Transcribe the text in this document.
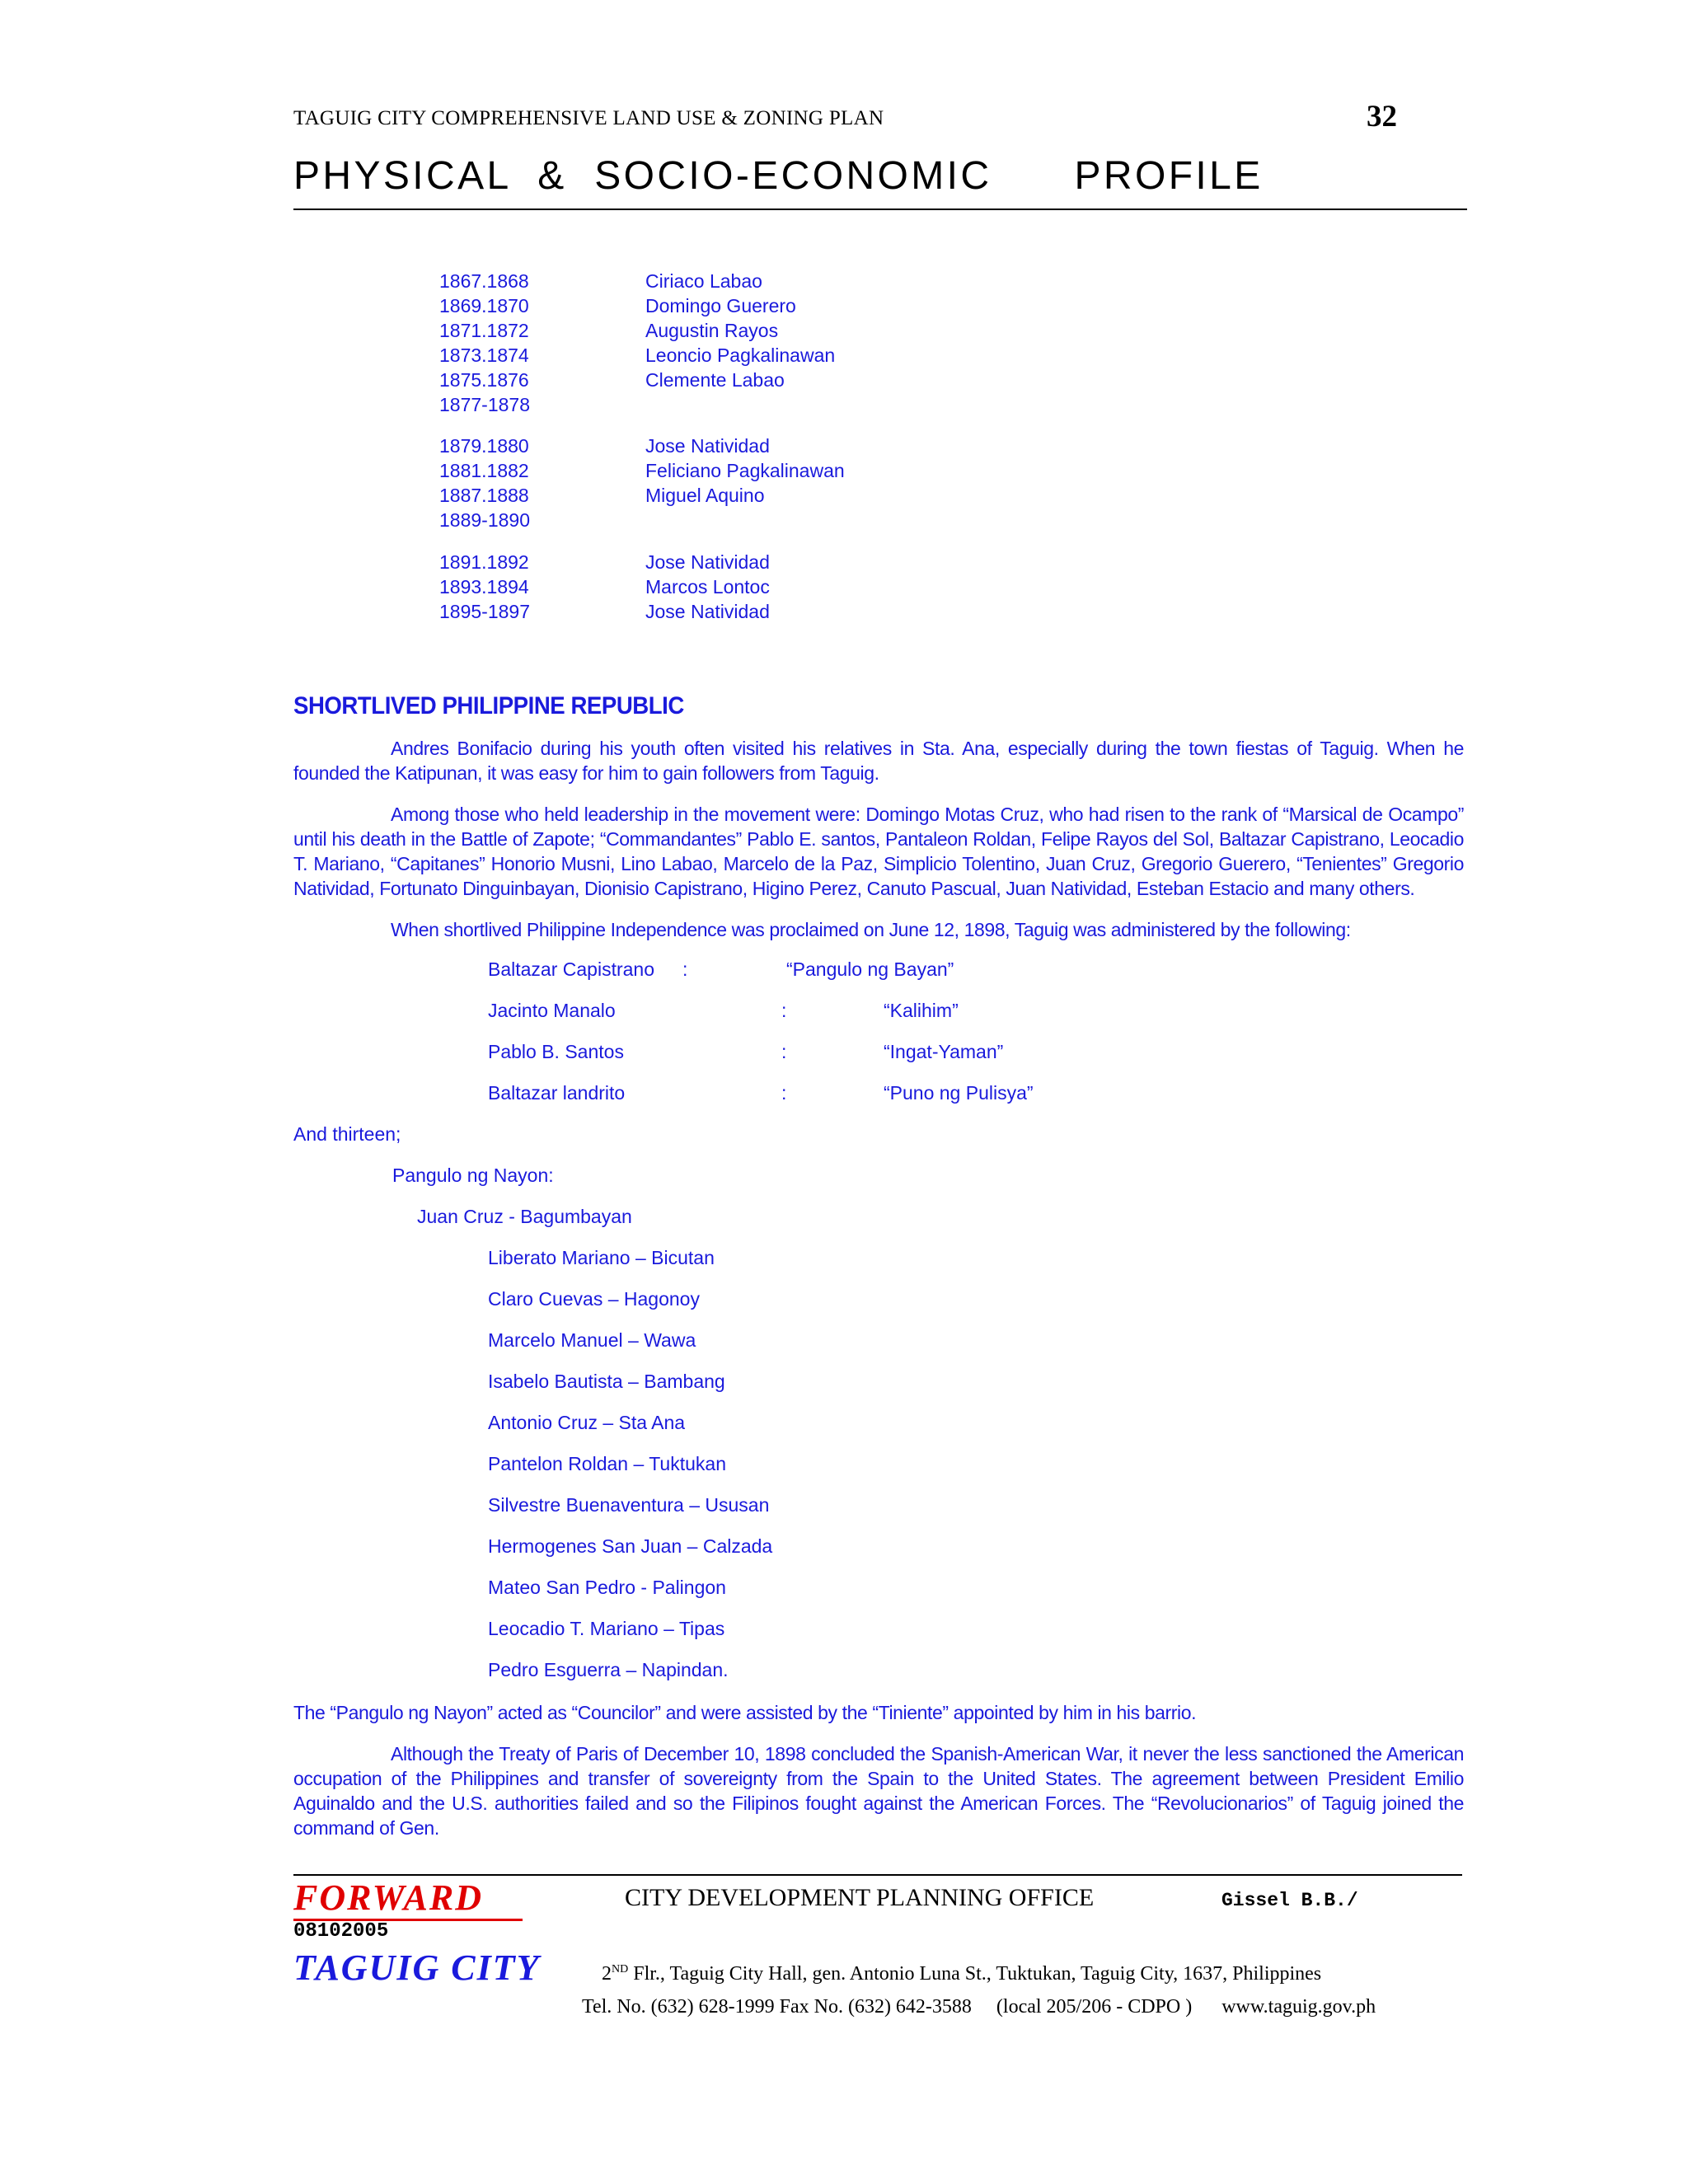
TAGUIG CITY COMPREHENSIVE LAND USE & ZONING PLAN	32
PHYSICAL  &  SOCIO-ECONOMIC PROFILE
1867.1868	Ciriaco Labao
1869.1870	Domingo Guerero
1871.1872	Augustin Rayos
1873.1874	Leoncio Pagkalinawan
1875.1876	Clemente Labao
1877-1878
1879.1880	Jose Natividad
1881.1882	Feliciano Pagkalinawan
1887.1888	Miguel Aquino
1889-1890
1891.1892	Jose Natividad
1893.1894	Marcos Lontoc
1895-1897	Jose Natividad
SHORTLIVED PHILIPPINE REPUBLIC
Andres Bonifacio during his youth often visited his relatives in Sta. Ana, especially during the town fiestas of Taguig. When he founded the Katipunan, it was easy for him to gain followers from Taguig.
Among those who held leadership in the movement were: Domingo Motas Cruz, who had risen to the rank of “Marsical de Ocampo” until his death in the Battle of Zapote; “Commandantes” Pablo E. santos, Pantaleon Roldan, Felipe Rayos del Sol, Baltazar Capistrano, Leocadio T. Mariano, “Capitanes” Honorio Musni, Lino Labao, Marcelo de la Paz, Simplicio Tolentino, Juan Cruz, Gregorio Guerero, “Tenientes” Gregorio Natividad, Fortunato Dinguinbayan, Dionisio Capistrano, Higino Perez, Canuto Pascual, Juan Natividad, Esteban Estacio and many others.
When shortlived Philippine Independence was proclaimed on June 12, 1898, Taguig was administered by the following:
Baltazar Capistrano :	“Pangulo ng Bayan”
Jacinto Manalo	:	“Kalihim”
Pablo B. Santos	:	“Ingat-Yaman”
Baltazar landrito	:	“Puno ng Pulisya”
And thirteen;
Pangulo ng Nayon:
Juan Cruz - Bagumbayan
Liberato Mariano – Bicutan
Claro Cuevas – Hagonoy
Marcelo Manuel – Wawa
Isabelo Bautista – Bambang
Antonio Cruz – Sta Ana
Pantelon Roldan – Tuktukan
Silvestre Buenaventura – Ususan
Hermogenes San Juan – Calzada
Mateo San Pedro - Palingon
Leocadio T. Mariano – Tipas
Pedro Esguerra – Napindan.
The “Pangulo ng Nayon” acted as “Councilor” and were assisted by the “Tiniente” appointed by him in his barrio.
Although the Treaty of Paris of December 10, 1898 concluded the Spanish-American War, it never the less sanctioned the American occupation of the Philippines and transfer of sovereignty from the Spain to the United States. The agreement between President Emilio Aguinaldo and the U.S. authorities failed and so the Filipinos fought against the American Forces. The “Revolucionarios” of Taguig joined the command of Gen.
FORWARD
08102005
TAGUIG CITY
CITY DEVELOPMENT PLANNING OFFICE	Gissel B.B./
2ND Flr., Taguig City Hall, gen. Antonio Luna St., Tuktukan, Taguig City, 1637, Philippines
Tel. No. (632) 628-1999 Fax No. (632) 642-3588     (local 205/206 - CDPO )      www.taguig.gov.ph
